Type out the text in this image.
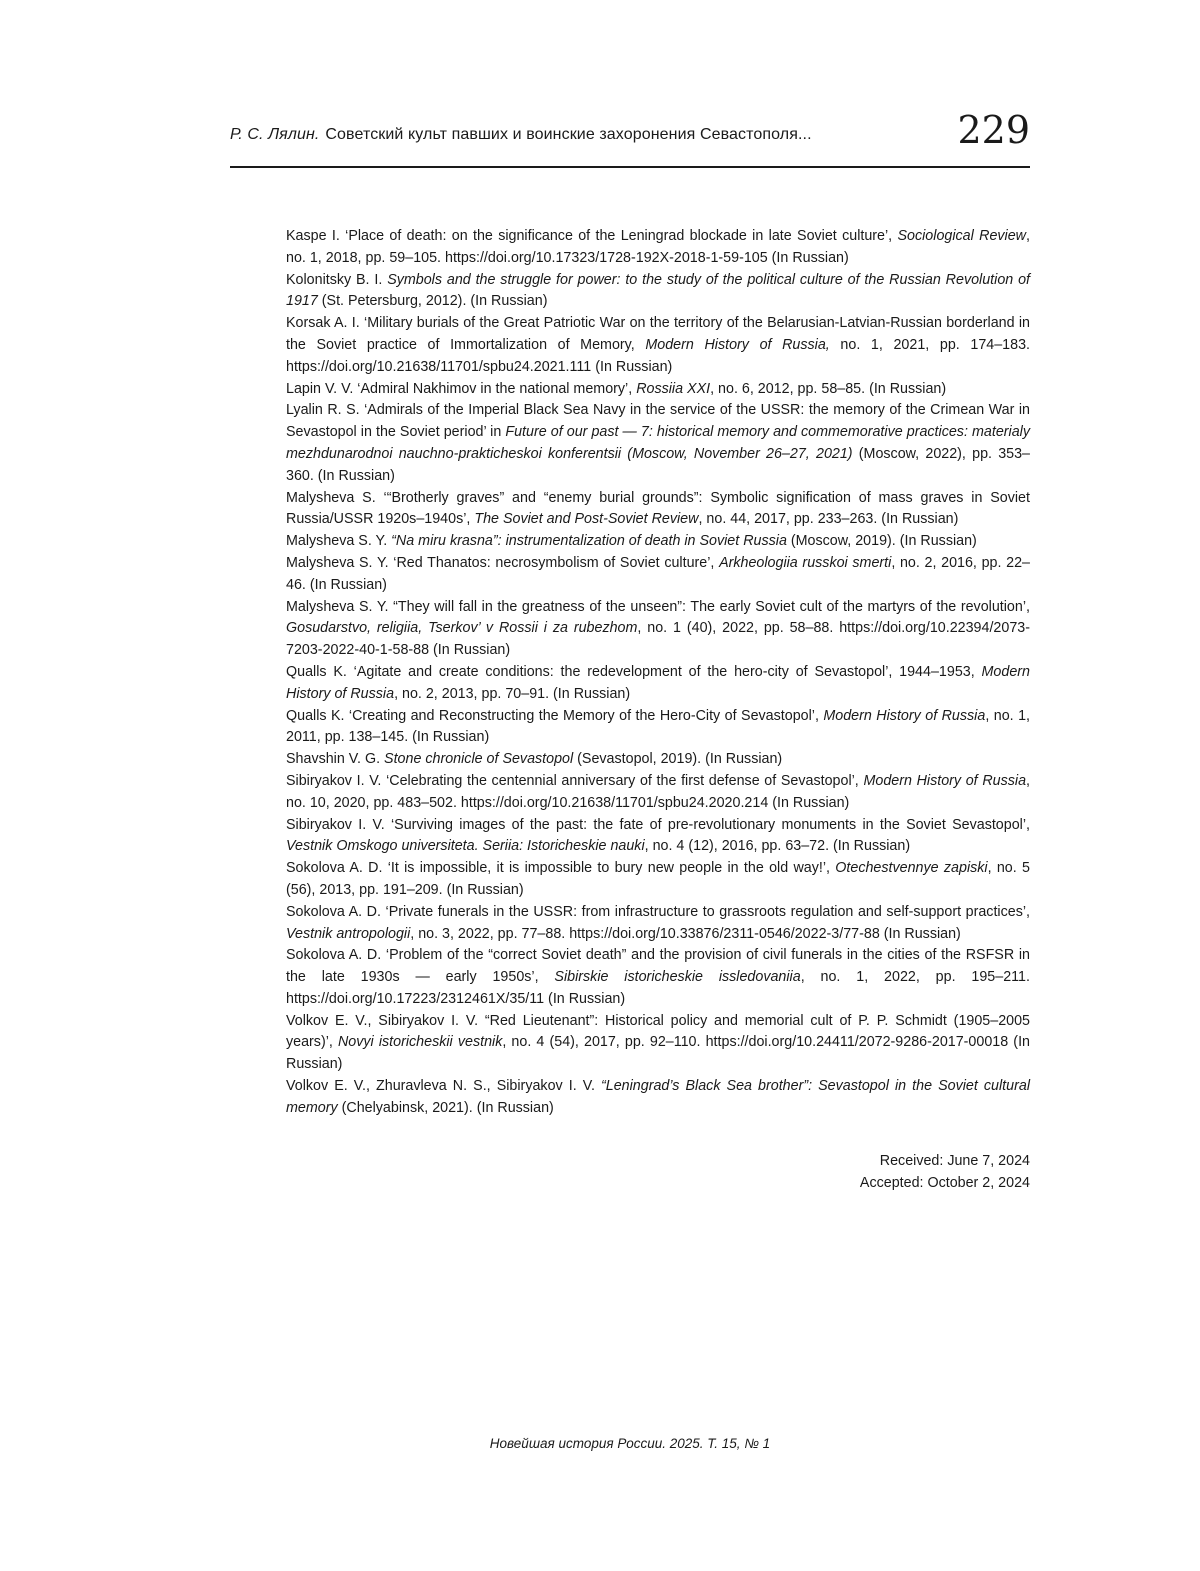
Р. С. Лялин. Советский культ павших и воинские захоронения Севастополя...	229
Kaspe I. ‘Place of death: on the significance of the Leningrad blockade in late Soviet culture’, Sociological Review, no. 1, 2018, pp. 59–105. https://doi.org/10.17323/1728-192X-2018-1-59-105 (In Russian)
Kolonitsky B. I. Symbols and the struggle for power: to the study of the political culture of the Russian Revolution of 1917 (St. Petersburg, 2012). (In Russian)
Korsak A. I. ‘Military burials of the Great Patriotic War on the territory of the Belarusian-Latvian-Russian borderland in the Soviet practice of Immortalization of Memory, Modern History of Russia, no. 1, 2021, pp. 174–183. https://doi.org/10.21638/11701/spbu24.2021.111 (In Russian)
Lapin V. V. ‘Admiral Nakhimov in the national memory’, Rossiia XXI, no. 6, 2012, pp. 58–85. (In Russian)
Lyalin R. S. ‘Admirals of the Imperial Black Sea Navy in the service of the USSR: the memory of the Crimean War in Sevastopol in the Soviet period’ in Future of our past — 7: historical memory and commemorative practices: materialy mezhdunarodnoi nauchno-prakticheskoi konferentsii (Moscow, November 26–27, 2021) (Moscow, 2022), pp. 353–360. (In Russian)
Malysheva S. ‘“Brotherly graves” and “enemy burial grounds”: Symbolic signification of mass graves in Soviet Russia/USSR 1920s–1940s’, The Soviet and Post-Soviet Review, no. 44, 2017, pp. 233–263. (In Russian)
Malysheva S. Y. “Na miru krasna”: instrumentalization of death in Soviet Russia (Moscow, 2019). (In Russian)
Malysheva S. Y. ‘Red Thanatos: necrosymbolism of Soviet culture’, Arkheologiia russkoi smerti, no. 2, 2016, pp. 22–46. (In Russian)
Malysheva S. Y. “They will fall in the greatness of the unseen”: The early Soviet cult of the martyrs of the revolution’, Gosudarstvo, religiia, Tserkov’ v Rossii i za rubezhom, no. 1 (40), 2022, pp. 58–88. https://doi.org/10.22394/2073-7203-2022-40-1-58-88 (In Russian)
Qualls K. ‘Agitate and create conditions: the redevelopment of the hero-city of Sevastopol’, 1944–1953, Modern History of Russia, no. 2, 2013, pp. 70–91. (In Russian)
Qualls K. ‘Creating and Reconstructing the Memory of the Hero-City of Sevastopol’, Modern History of Russia, no. 1, 2011, pp. 138–145. (In Russian)
Shavshin V. G. Stone chronicle of Sevastopol (Sevastopol, 2019). (In Russian)
Sibiryakov I. V. ‘Celebrating the centennial anniversary of the first defense of Sevastopol’, Modern History of Russia, no. 10, 2020, pp. 483–502. https://doi.org/10.21638/11701/spbu24.2020.214 (In Russian)
Sibiryakov I. V. ‘Surviving images of the past: the fate of pre-revolutionary monuments in the Soviet Sevastopol’, Vestnik Omskogo universiteta. Seriia: Istoricheskie nauki, no. 4 (12), 2016, pp. 63–72. (In Russian)
Sokolova A. D. ‘It is impossible, it is impossible to bury new people in the old way!’, Otechestvennye zapiski, no. 5 (56), 2013, pp. 191–209. (In Russian)
Sokolova A. D. ‘Private funerals in the USSR: from infrastructure to grassroots regulation and self-support practices’, Vestnik antropologii, no. 3, 2022, pp. 77–88. https://doi.org/10.33876/2311-0546/2022-3/77-88 (In Russian)
Sokolova A. D. ‘Problem of the “correct Soviet death” and the provision of civil funerals in the cities of the RSFSR in the late 1930s — early 1950s’, Sibirskie istoricheskie issledovaniia, no. 1, 2022, pp. 195–211. https://doi.org/10.17223/2312461X/35/11 (In Russian)
Volkov E. V., Sibiryakov I. V. “Red Lieutenant”: Historical policy and memorial cult of P. P. Schmidt (1905–2005 years)’, Novyi istoricheskii vestnik, no. 4 (54), 2017, pp. 92–110. https://doi.org/10.24411/2072-9286-2017-00018 (In Russian)
Volkov E. V., Zhuravleva N. S., Sibiryakov I. V. “Leningrad’s Black Sea brother”: Sevastopol in the Soviet cultural memory (Chelyabinsk, 2021). (In Russian)
Received: June 7, 2024
Accepted: October 2, 2024
Новейшая история России. 2025. Т. 15, № 1
